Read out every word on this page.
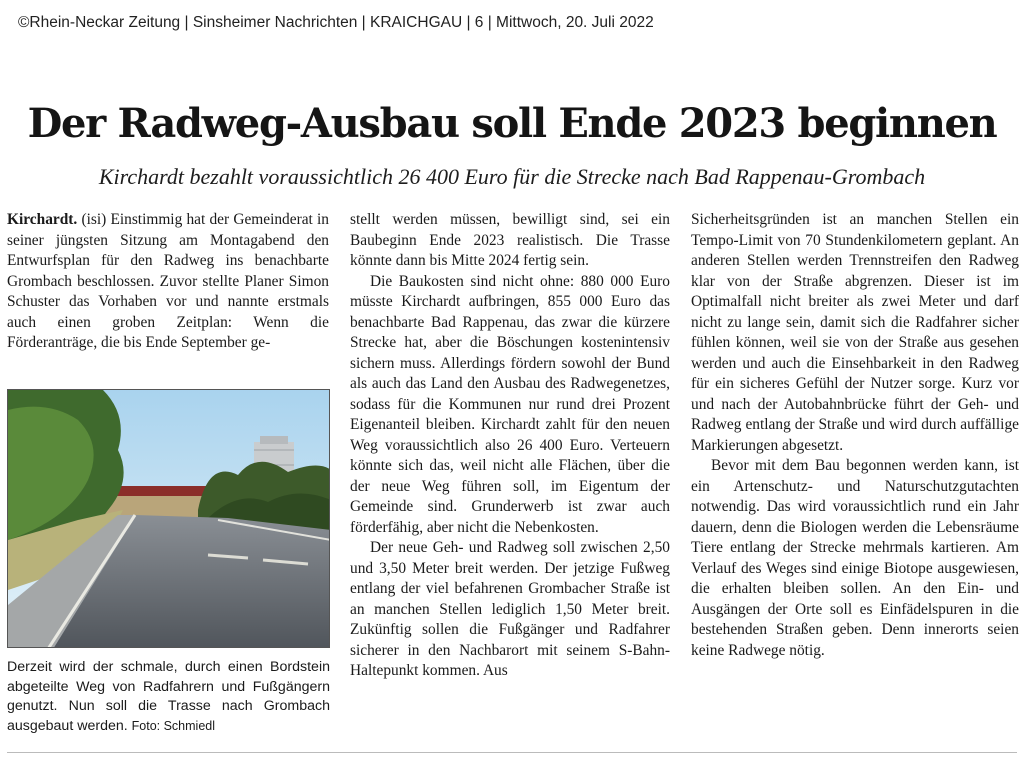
©Rhein-Neckar Zeitung | Sinsheimer Nachrichten | KRAICHGAU | 6 | Mittwoch, 20. Juli 2022
Der Radweg-Ausbau soll Ende 2023 beginnen
Kirchardt bezahlt voraussichtlich 26 400 Euro für die Strecke nach Bad Rappenau-Grombach

Kirchardt. (isi) Einstimmig hat der Gemeinderat in seiner jüngsten Sitzung am Montagabend den Entwurfsplan für den Radweg ins benachbarte Grombach beschlossen. Zuvor stellte Planer Simon Schuster das Vorhaben vor und nannte erstmals auch einen groben Zeitplan: Wenn die Förderanträge, die bis Ende September ge-

Derzeit wird der schmale, durch einen Bordstein abgeteilte Weg von Radfahrern und Fußgängern genutzt. Nun soll die Trasse nach Grombach ausgebaut werden. Foto: Schmiedl

stellt werden müssen, bewilligt sind, sei ein Baubeginn Ende 2023 realistisch. Die Trasse könnte dann bis Mitte 2024 fertig sein.

Die Baukosten sind nicht ohne: 880 000 Euro müsste Kirchardt aufbringen, 855 000 Euro das benachbarte Bad Rappenau, das zwar die kürzere Strecke hat, aber die Böschungen kostenintensiv sichern muss. Allerdings fördern sowohl der Bund als auch das Land den Ausbau des Radwegenetzes, sodass für die Kommunen nur rund drei Prozent Eigenanteil bleiben. Kirchardt zahlt für den neuen Weg voraussichtlich also 26 400 Euro. Verteuern könnte sich das, weil nicht alle Flächen, über die der neue Weg führen soll, im Eigentum der Gemeinde sind. Grunderwerb ist zwar auch förderfähig, aber nicht die Nebenkosten.

Der neue Geh- und Radweg soll zwischen 2,50 und 3,50 Meter breit werden. Der jetzige Fußweg entlang der viel befahrenen Grombacher Straße ist an manchen Stellen lediglich 1,50 Meter breit. Zukünftig sollen die Fußgänger und Radfahrer sicherer in den Nachbarort mit seinem S-Bahn-Haltepunkt kommen. Aus

Sicherheitsgründen ist an manchen Stellen ein Tempo-Limit von 70 Stundenkilometern geplant. An anderen Stellen werden Trennstreifen den Radweg klar von der Straße abgrenzen. Dieser ist im Optimalfall nicht breiter als zwei Meter und darf nicht zu lange sein, damit sich die Radfahrer sicher fühlen können, weil sie von der Straße aus gesehen werden und auch die Einsehbarkeit in den Radweg für ein sicheres Gefühl der Nutzer sorge. Kurz vor und nach der Autobahnbrücke führt der Geh- und Radweg entlang der Straße und wird durch auffällige Markierungen abgesetzt.

Bevor mit dem Bau begonnen werden kann, ist ein Artenschutz- und Naturschutzgutachten notwendig. Das wird voraussichtlich rund ein Jahr dauern, denn die Biologen werden die Lebensräume Tiere entlang der Strecke mehrmals kartieren. Am Verlauf des Weges sind einige Biotope ausgewiesen, die erhalten bleiben sollen. An den Ein- und Ausgängen der Orte soll es Einfädelspuren in die bestehenden Straßen geben. Denn innerorts seien keine Radwege nötig.
